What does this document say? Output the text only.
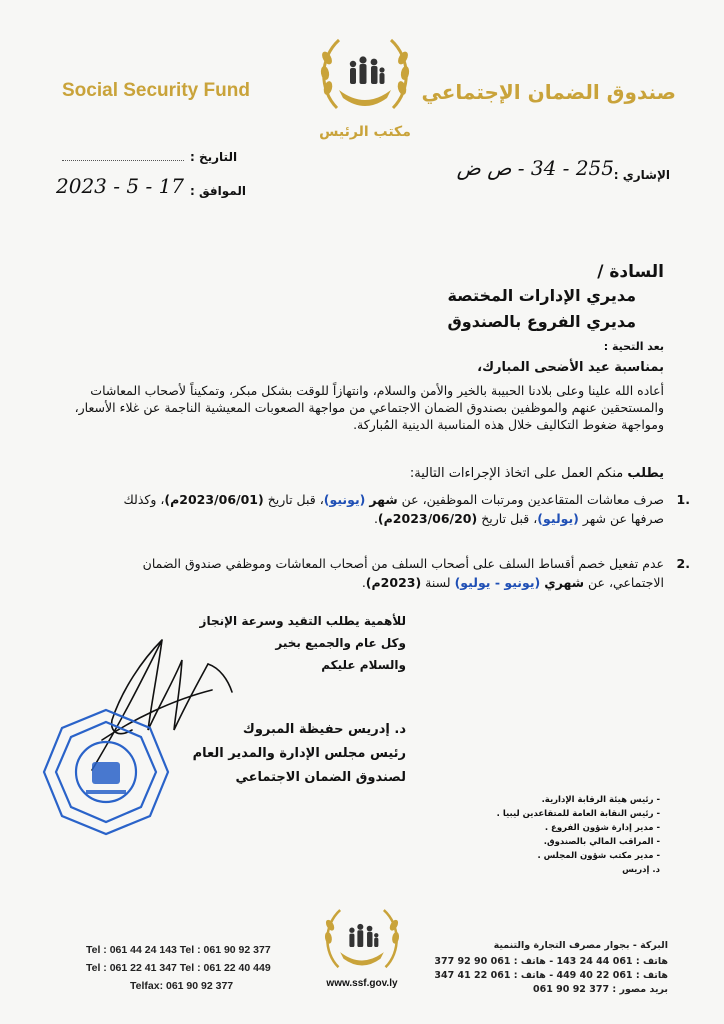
Social Security Fund	صندوق الضمان الإجتماعي
مكتب الرئيس
الإشاري :
255 - 34 - ص ض
التاريخ :
الموافق :
2023 - 5 - 17
السادة /
مديري الإدارات المختصة
مديري الفروع بالصندوق
بعد التحية :
بمناسبة عيد الأضحى المبارك،
أعاده الله علينا وعلى بلادنا الحبيبة بالخير والأمن والسلام، وانتهازاً للوقت بشكل مبكر، وتمكيناً لأصحاب المعاشات والمستحقين عنهم والموظفين بصندوق الضمان الاجتماعي من مواجهة الصعوبات المعيشية الناجمة عن غلاء الأسعار، ومواجهة ضغوط التكاليف خلال هذه المناسبة الدينية المُباركة.
يطلب منكم العمل على اتخاذ الإجراءات التالية:
.1
صرف معاشات المتقاعدين ومرتبات الموظفين، عن شهر (يونيو)، قبل تاريخ (2023/06/01م)، وكذلك صرفها عن شهر (يوليو)، قبل تاريخ (2023/06/20م).
.2
عدم تفعيل خصم أقساط السلف على أصحاب السلف من أصحاب المعاشات وموظفي صندوق الضمان الاجتماعي، عن شهري (يونيو - يوليو) لسنة (2023م).
للأهمية يطلب التقيد وسرعة الإنجاز
وكل عام والجميع بخير
والسلام عليكم
د. إدريس حفيظة المبروك
رئيس مجلس الإدارة والمدير العام
لصندوق الضمان الاجتماعي
- رئيس هيئة الرقابة الإدارية.
- رئيس النقابة العامة للمتقاعدين ليبيا .
- مدير إدارة شؤون الفروع .
- المراقب المالي بالصندوق.
- مدير مكتب شؤون المجلس .
د. إدريس
Tel : 061 44 24 143 Tel : 061 90 92 377
Tel : 061 22 41 347 Tel : 061 22 40 449
Telfax: 061 90 92 377	www.ssf.gov.ly
البركة - بجوار مصرف التجارة والتنمية
هاتف : 061 44 24 143 - هاتف : 061 90 92 377
هاتف : 061 22 40 449 - هاتف : 061 22 41 347
بريد مصور : 377 92 90 061
